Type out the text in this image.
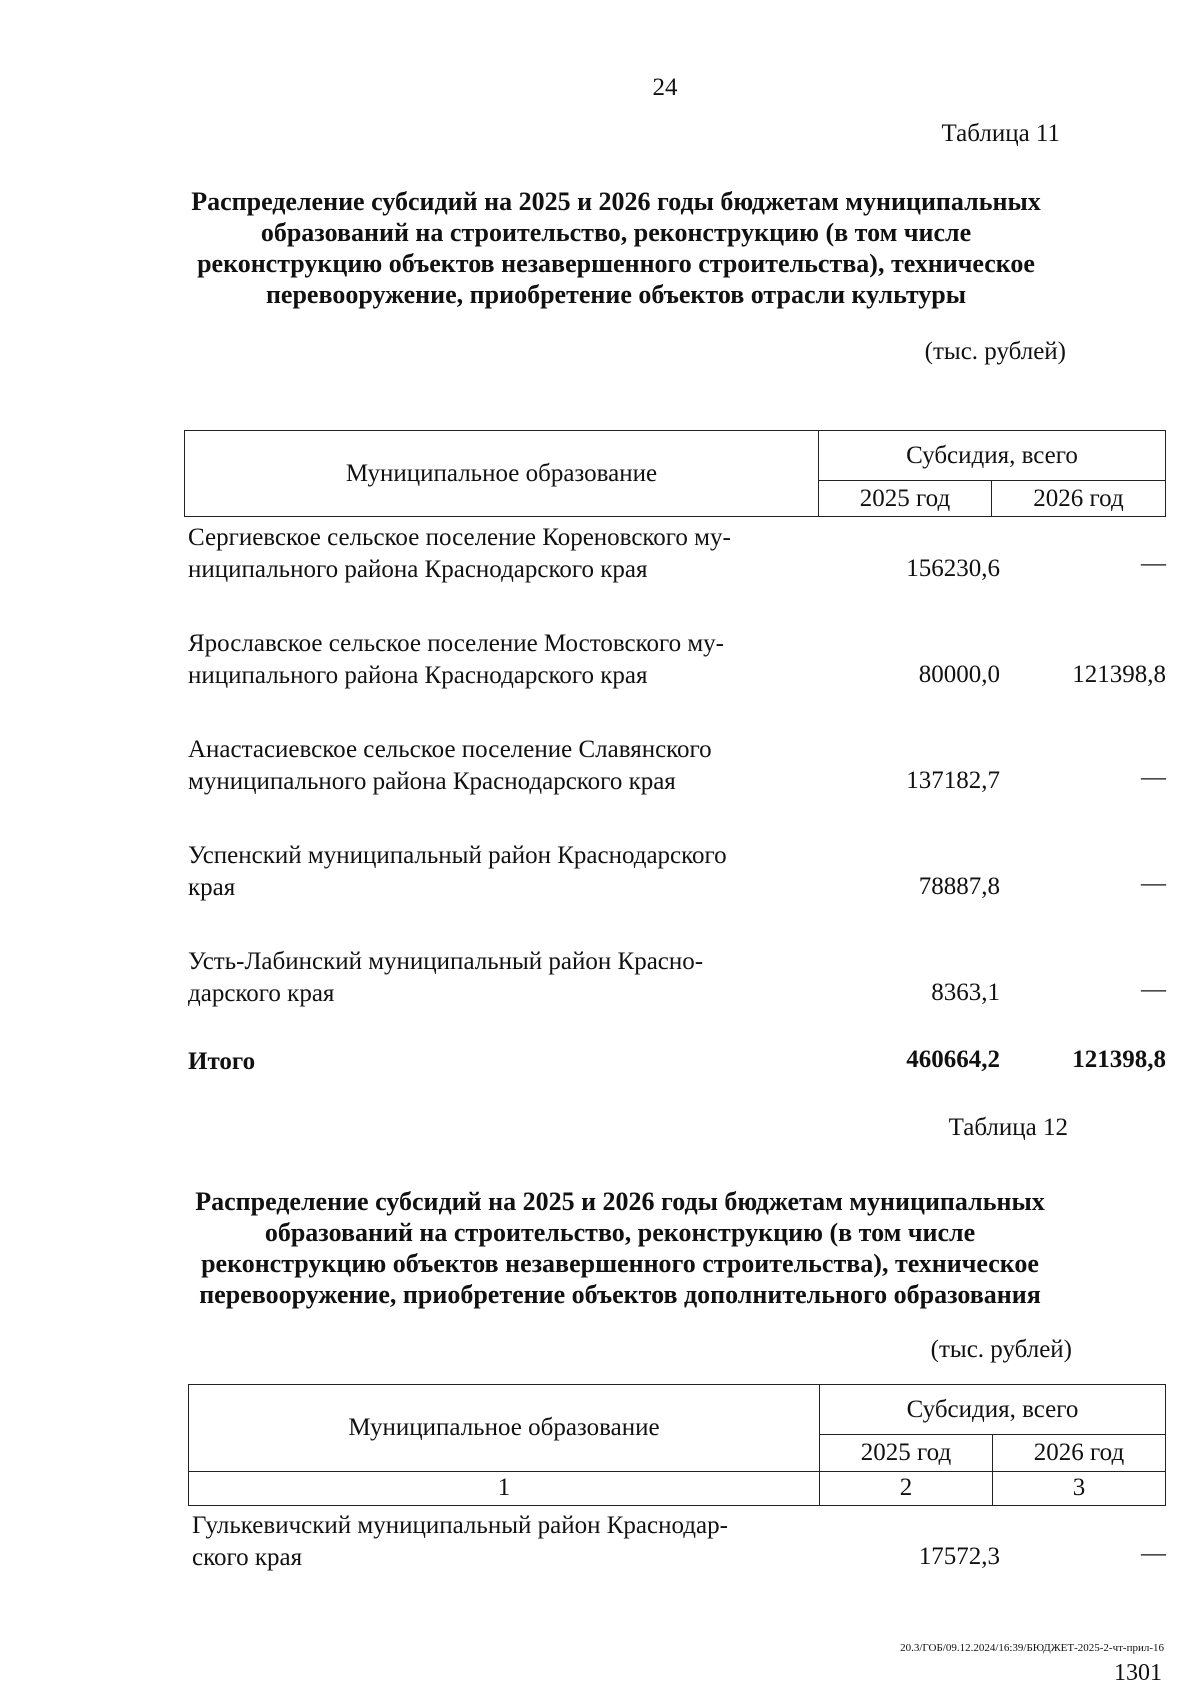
24
Таблица 11
Распределение субсидий на 2025 и 2026 годы бюджетам муниципальных
образований на строительство, реконструкцию (в том числе
реконструкцию объектов незавершенного строительства), техническое
перевооружение, приобретение объектов отрасли культуры
(тыс. рублей)
Муниципальное образование	Субсидия, всего	
	2025 год	2026 год
Сергиевское сельское поселение Кореновского му-
ниципального района Краснодарского края	156230,6	—
Ярославское сельское поселение Мостовского му-
ниципального района Краснодарского края	80000,0	121398,8
Анастасиевское сельское поселение Славянского
муниципального района Краснодарского края	137182,7	—
Успенский муниципальный район Краснодарского
края	78887,8	—
Усть-Лабинский муниципальный район Красно-
дарского края	8363,1	—
Итого	460664,2	121398,8
Таблица 12
Распределение субсидий на 2025 и 2026 годы бюджетам муниципальных
образований на строительство, реконструкцию (в том числе
реконструкцию объектов незавершенного строительства), техническое
перевооружение, приобретение объектов дополнительного образования
(тыс. рублей)
Муниципальное образование	Субсидия, всего	
	2025 год	2026 год
1	2	3
Гулькевичский муниципальный район Краснодар-
ского края	17572,3	—
20.3/ГОБ/09.12.2024/16:39/БЮДЖЕТ-2025-2-чт-прил-16
1301
